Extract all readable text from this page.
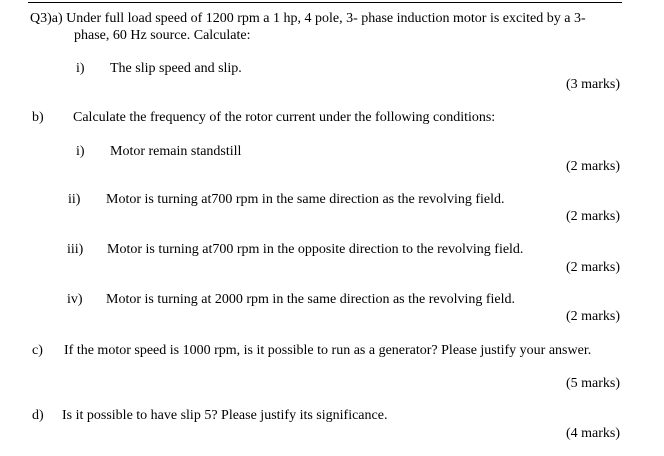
Q3)a) Under full load speed of 1200 rpm a 1 hp, 4 pole, 3- phase induction motor is excited by a 3-
phase, 60 Hz source. Calculate:
i) The slip speed and slip.
(3 marks)
b) Calculate the frequency of the rotor current under the following conditions:
i) Motor remain standstill
(2 marks)
ii) Motor is turning at700 rpm in the same direction as the revolving field.
(2 marks)
iii) Motor is turning at700 rpm in the opposite direction to the revolving field.
(2 marks)
iv) Motor is turning at 2000 rpm in the same direction as the revolving field.
(2 marks)
c) If the motor speed is 1000 rpm, is it possible to run as a generator? Please justify your answer.
(5 marks)
d) Is it possible to have slip 5? Please justify its significance.
(4 marks)
